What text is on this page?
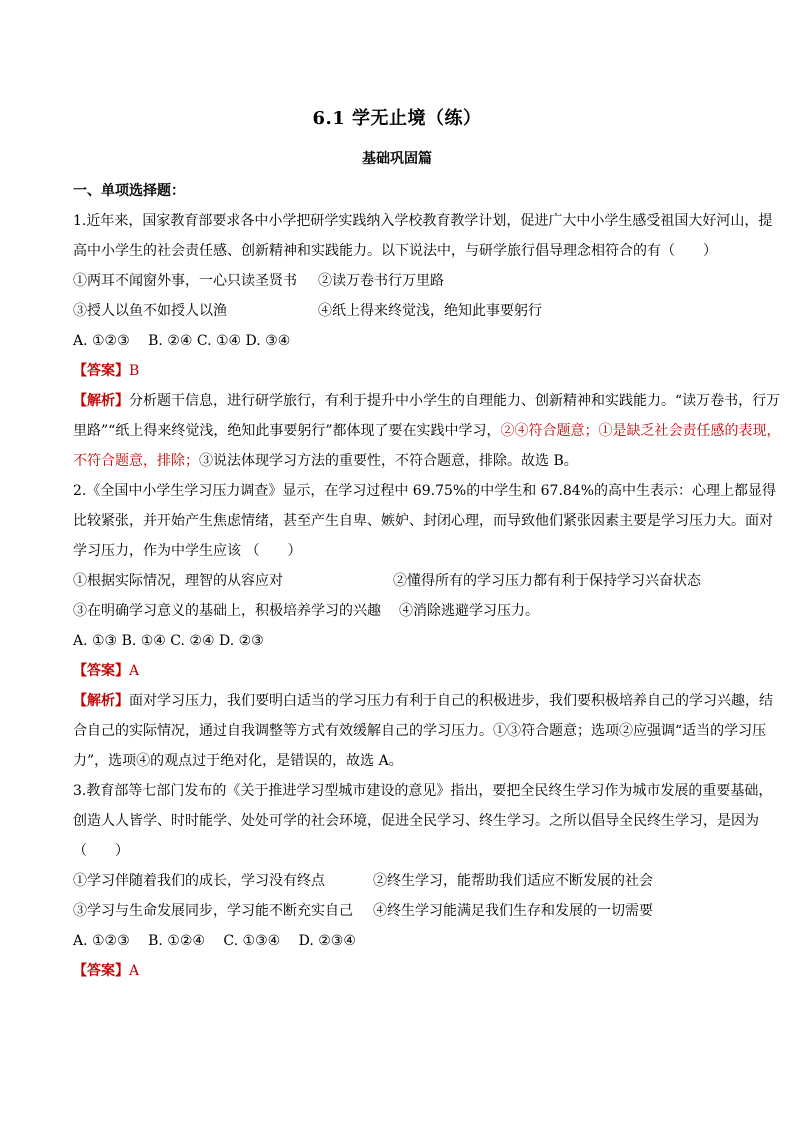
6.1 学无止境（练）
基础巩固篇
一、单项选择题：
1.近年来，国家教育部要求各中小学把研学实践纳入学校教育教学计划，促进广大中小学生感受祖国大好河山，提高中小学生的社会责任感、创新精神和实践能力。以下说法中，与研学旅行倡导理念相符合的有（　　）
①两耳不闻窗外事，一心只读圣贤书	②读万卷书行万里路
③授人以鱼不如授人以渔	④纸上得来终觉浅，绝知此事要躬行
A. ①②③　 B. ②④ C. ①④ D. ③④
【答案】B
【解析】分析题干信息，进行研学旅行，有利于提升中小学生的自理能力、创新精神和实践能力。“读万卷书，行万里路”“纸上得来终觉浅，绝知此事要躬行”都体现了要在实践中学习，②④符合题意；①是缺乏社会责任感的表现，不符合题意，排除；③说法体现学习方法的重要性，不符合题意，排除。故选 B。
2.《全国中小学生学习压力调查》显示，在学习过程中 69.75%的中学生和 67.84%的高中生表示：心理上都显得比较紧张，并开始产生焦虑情绪，甚至产生自卑、嫉妒、封闭心理，而导致他们紧张因素主要是学习压力大。面对学习压力，作为中学生应该 （　　）
①根据实际情况，理智的从容应对	②懂得所有的学习压力都有利于保持学习兴奋状态
③在明确学习意义的基础上，积极培养学习的兴趣 ④消除逃避学习压力。
A. ①③ B. ①④ C. ②④ D. ②③
【答案】A
【解析】面对学习压力，我们要明白适当的学习压力有利于自己的积极进步，我们要积极培养自己的学习兴趣，结合自己的实际情况，通过自我调整等方式有效缓解自己的学习压力。①③符合题意；选项②应强调“适当的学习压力”，选项④的观点过于绝对化，是错误的，故选 A。
3.教育部等七部门发布的《关于推进学习型城市建设的意见》指出，要把全民终生学习作为城市发展的重要基础，创造人人皆学、时时能学、处处可学的社会环境，促进全民学习、终生学习。之所以倡导全民终生学习，是因为（　　）
①学习伴随着我们的成长，学习没有终点	②终生学习，能帮助我们适应不断发展的社会
③学习与生命发展同步，学习能不断充实自己	④终生学习能满足我们生存和发展的一切需要
A. ①②③　 B. ①②④　 C. ①③④　 D. ②③④
【答案】A
